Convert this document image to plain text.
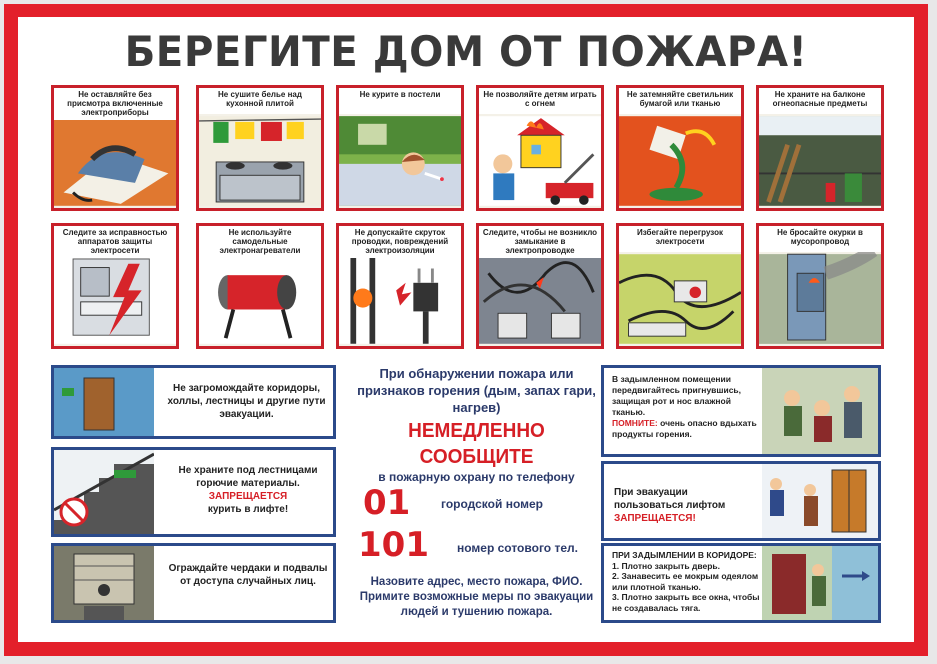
БЕРЕГИТЕ ДОМ ОТ ПОЖАРА!
Не оставляйте без присмотра включенные электроприборы
Не сушите белье над кухонной плитой
Не курите в постели	Не позволяйте детям играть с огнем
Не затемняйте светильник бумагой или тканью
Не храните на балконе огнеопасные предметы
Следите за исправностью аппаратов защиты электросети
Не используйте самодельные электронагреватели
Не допускайте скруток проводки, повреждений электроизоляции
Следите, чтобы не возникло замыкание в электропроводке
Избегайте перегрузок электросети
Не бросайте окурки в мусоропровод
Не загромождайте коридоры, холлы, лестницы и другие пути эвакуации.
Не храните под лестницами горючие материалы.
ЗАПРЕЩАЕТСЯ
курить в лифте!
Ограждайте чердаки и подвалы от доступа случайных лиц.
При обнаружении пожара или признаков горения (дым, запах гари, нагрев)
НЕМЕДЛЕННО СООБЩИТЕ
в пожарную охрану по телефону
01	городской номер
101 номер сотового тел.
Назовите адрес, место пожара, ФИО. Примите возможные меры по эвакуации людей и тушению пожара.
В задымленном помещении передвигайтесь пригнувшись, защищая рот и нос влажной тканью.
ПОМНИТЕ: очень опасно вдыхать продукты горения.
При эвакуации пользоваться лифтом
ЗАПРЕЩАЕТСЯ!
ПРИ ЗАДЫМЛЕНИИ В КОРИДОРЕ:
1. Плотно закрыть дверь.
2. Занавесить ее мокрым одеялом или плотной тканью.
3. Плотно закрыть все окна, чтобы не создавалась тяга.
